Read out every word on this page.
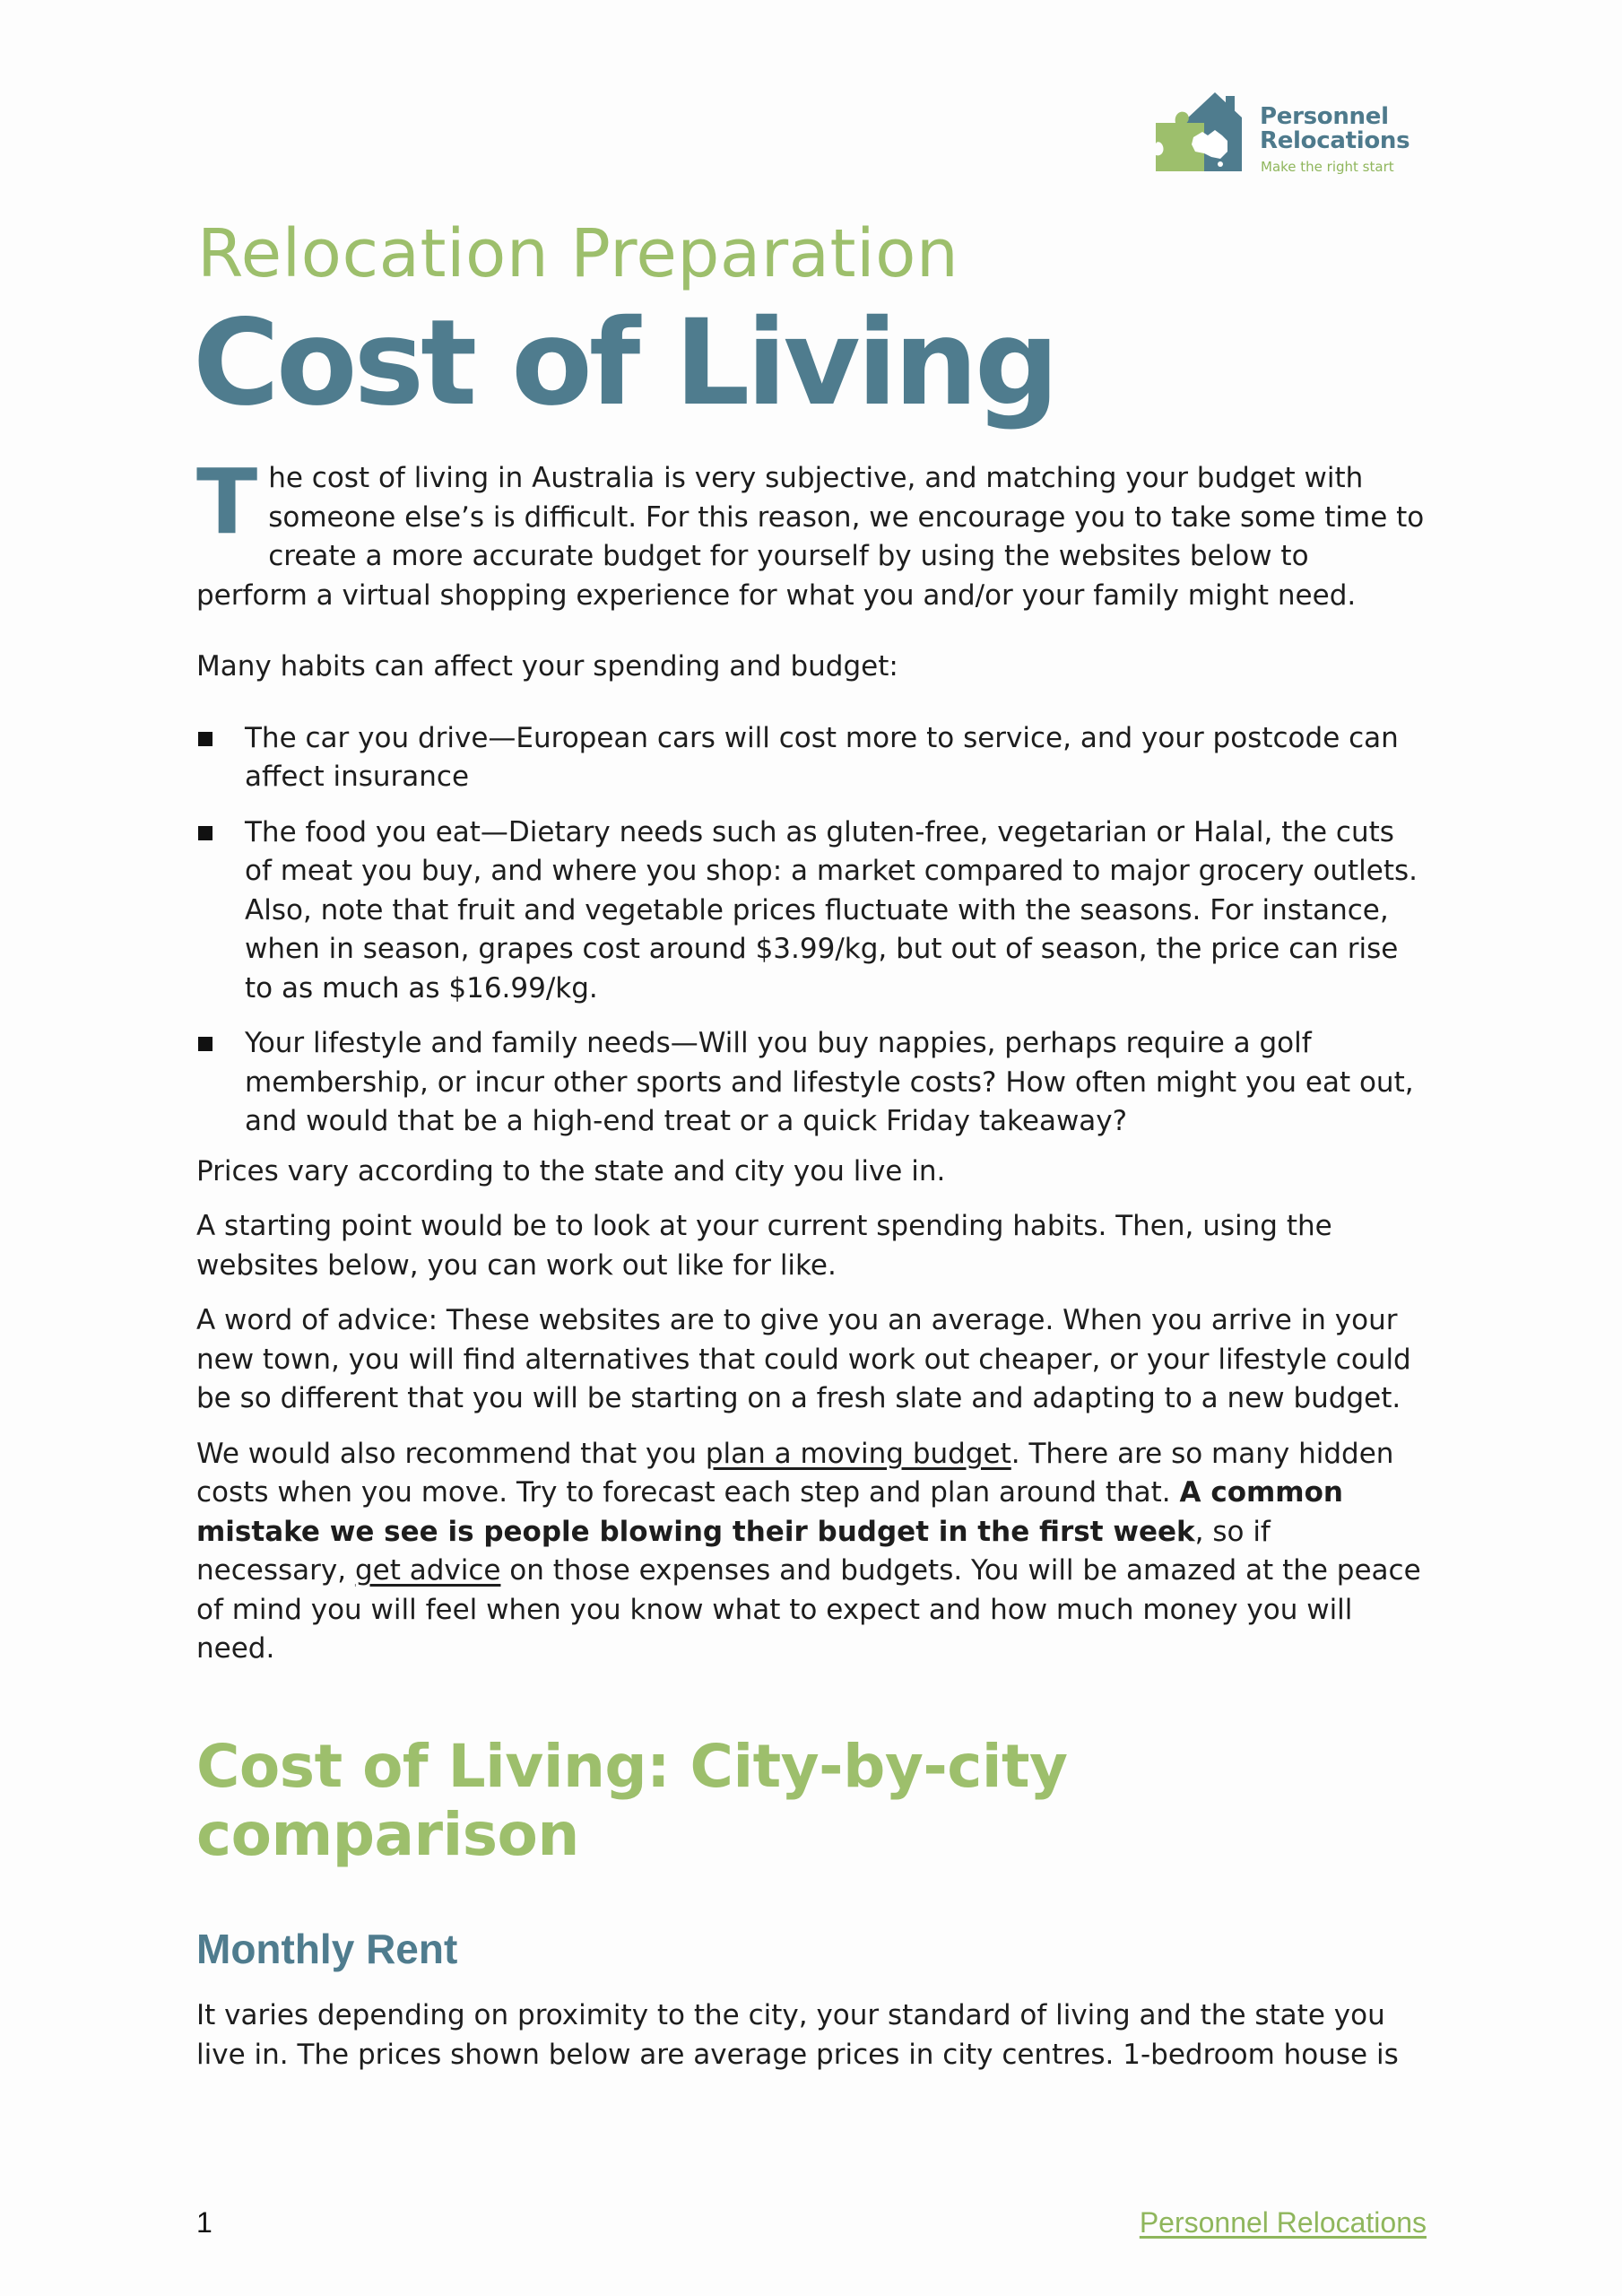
Personnel
Relocations
Make the right start
Relocation Preparation
Cost of Living

The cost of living in Australia is very subjective, and matching your budget with someone else’s is difficult. For this reason, we encourage you to take some time to create a more accurate budget for yourself by using the websites below to perform a virtual shopping experience for what you and/or your family might need.

Many habits can affect your spending and budget:

The car you drive—European cars will cost more to service, and your postcode can affect insurance
The food you eat—Dietary needs such as gluten-free, vegetarian or Halal, the cuts of meat you buy, and where you shop: a market compared to major grocery outlets. Also, note that fruit and vegetable prices fluctuate with the seasons. For instance, when in season, grapes cost around $3.99/kg, but out of season, the price can rise to as much as $16.99/kg.
Your lifestyle and family needs—Will you buy nappies, perhaps require a golf membership, or incur other sports and lifestyle costs? How often might you eat out, and would that be a high-end treat or a quick Friday takeaway?

Prices vary according to the state and city you live in.

A starting point would be to look at your current spending habits. Then, using the websites below, you can work out like for like.

A word of advice: These websites are to give you an average. When you arrive in your new town, you will find alternatives that could work out cheaper, or your lifestyle could be so different that you will be starting on a fresh slate and adapting to a new budget.

We would also recommend that you plan a moving budget. There are so many hidden costs when you move. Try to forecast each step and plan around that. A common mistake we see is people blowing their budget in the first week, so if necessary, get advice on those expenses and budgets. You will be amazed at the peace of mind you will feel when you know what to expect and how much money you will need.

Cost of Living: City-by-city comparison
Monthly Rent

It varies depending on proximity to the city, your standard of living and the state you live in. The prices shown below are average prices in city centres. 1-bedroom house is

1	Personnel Relocations
